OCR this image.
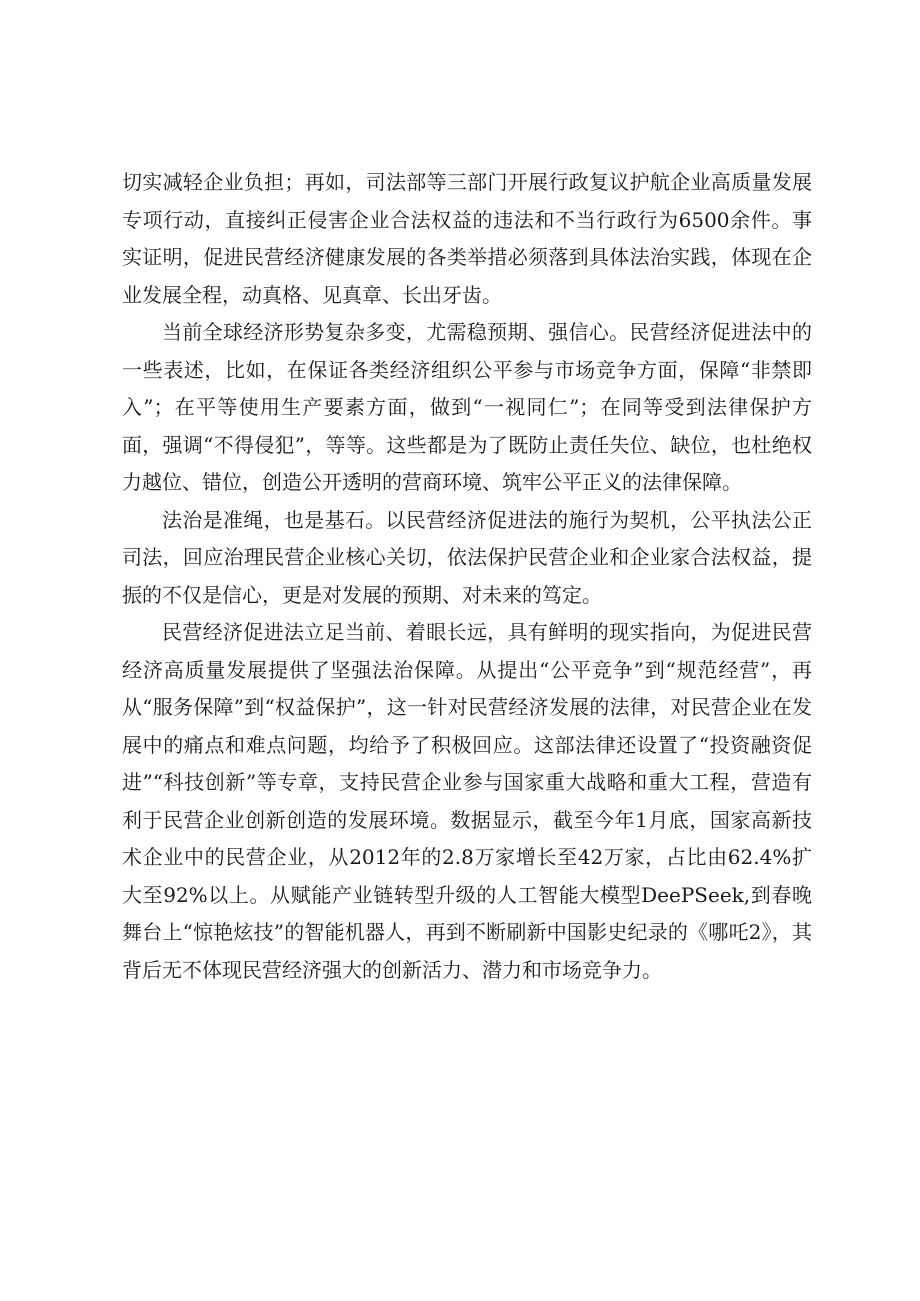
切实减轻企业负担；再如，司法部等三部门开展行政复议护航企业高质量发展专项行动，直接纠正侵害企业合法权益的违法和不当行政行为6500余件。事实证明，促进民营经济健康发展的各类举措必须落到具体法治实践，体现在企业发展全程，动真格、见真章、长出牙齿。

当前全球经济形势复杂多变，尤需稳预期、强信心。民营经济促进法中的一些表述，比如，在保证各类经济组织公平参与市场竞争方面，保障“非禁即入”；在平等使用生产要素方面，做到“一视同仁”；在同等受到法律保护方面，强调“不得侵犯”，等等。这些都是为了既防止责任失位、缺位，也杜绝权力越位、错位，创造公开透明的营商环境、筑牢公平正义的法律保障。

法治是准绳，也是基石。以民营经济促进法的施行为契机，公平执法公正司法，回应治理民营企业核心关切，依法保护民营企业和企业家合法权益，提振的不仅是信心，更是对发展的预期、对未来的笃定。

民营经济促进法立足当前、着眼长远，具有鲜明的现实指向，为促进民营经济高质量发展提供了坚强法治保障。从提出“公平竞争”到“规范经营”，再从“服务保障”到“权益保护”，这一针对民营经济发展的法律，对民营企业在发展中的痛点和难点问题，均给予了积极回应。这部法律还设置了“投资融资促进”“科技创新”等专章，支持民营企业参与国家重大战略和重大工程，营造有利于民营企业创新创造的发展环境。数据显示，截至今年1月底，国家高新技术企业中的民营企业，从2012年的2.8万家增长至42万家，占比由62.4%扩大至92%以上。从赋能产业链转型升级的人工智能大模型DeePSeek,到春晚舞台上“惊艳炫技”的智能机器人，再到不断刷新中国影史纪录的《哪吒2》，其背后无不体现民营经济强大的创新活力、潜力和市场竞争力。
